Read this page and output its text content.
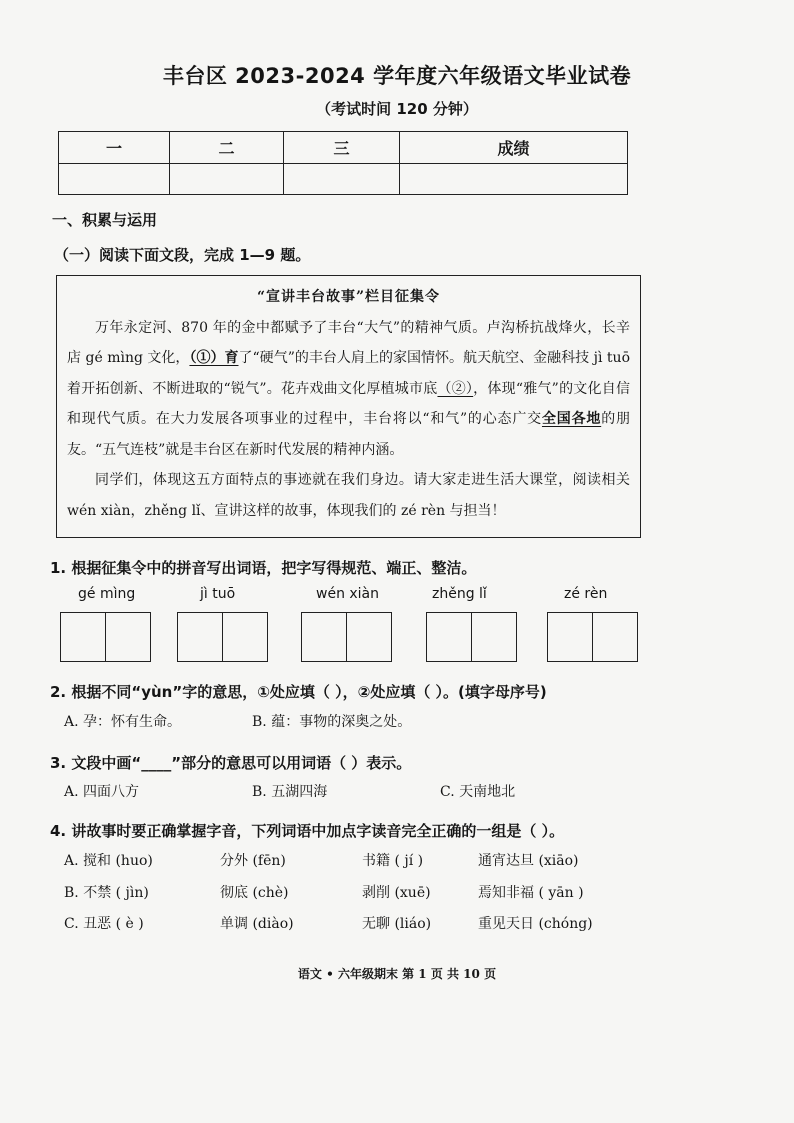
丰台区 2023-2024 学年度六年级语文毕业试卷
（考试时间 120 分钟）
一	二	三	成绩

一、积累与运用
（一）阅读下面文段，完成 1—9 题。
“宣讲丰台故事”栏目征集令

万年永定河、870 年的金中都赋予了丰台“大气”的精神气质。卢沟桥抗战烽火，长辛店 gé mìng 文化，（①）育了“硬气”的丰台人肩上的家国情怀。航天航空、金融科技 jì tuō着开拓创新、不断进取的“锐气”。花卉戏曲文化厚植城市底（②），体现“雅气”的文化自信和现代气质。在大力发展各项事业的过程中，丰台将以“和气”的心态广交全国各地的朋友。“五气连枝”就是丰台区在新时代发展的精神内涵。

同学们，体现这五方面特点的事迹就在我们身边。请大家走进生活大课堂，阅读相关 wén xiàn，zhěng lǐ、宣讲这样的故事，体现我们的 zé rèn 与担当！

1. 根据征集令中的拼音写出词语，把字写得规范、端正、整洁。
gé mìng	jì tuō	wén xiàn	zhěng lǐ	zé rèn
2. 根据不同“yùn”字的意思，①处应填（ ），②处应填（ ）。(填字母序号)
A. 孕：怀有生命。	B. 蕴：事物的深奥之处。
3. 文段中画“____”部分的意思可以用词语（ ）表示。
A. 四面八方	B. 五湖四海	C. 天南地北
4. 讲故事时要正确掌握字音，下列词语中加点字读音完全正确的一组是（ ）。
A. 搅和 (huo)	分外 (fēn)	书籍 ( jí )	通宵达旦 (xiāo)
B. 不禁 ( jìn)	彻底 (chè)	剥削 (xuē)	焉知非福 ( yān )
C. 丑恶 ( è )	单调 (diào)	无聊 (liáo)	重见天日 (chóng)
语文 • 六年级期末 第 1 页 共 10 页
